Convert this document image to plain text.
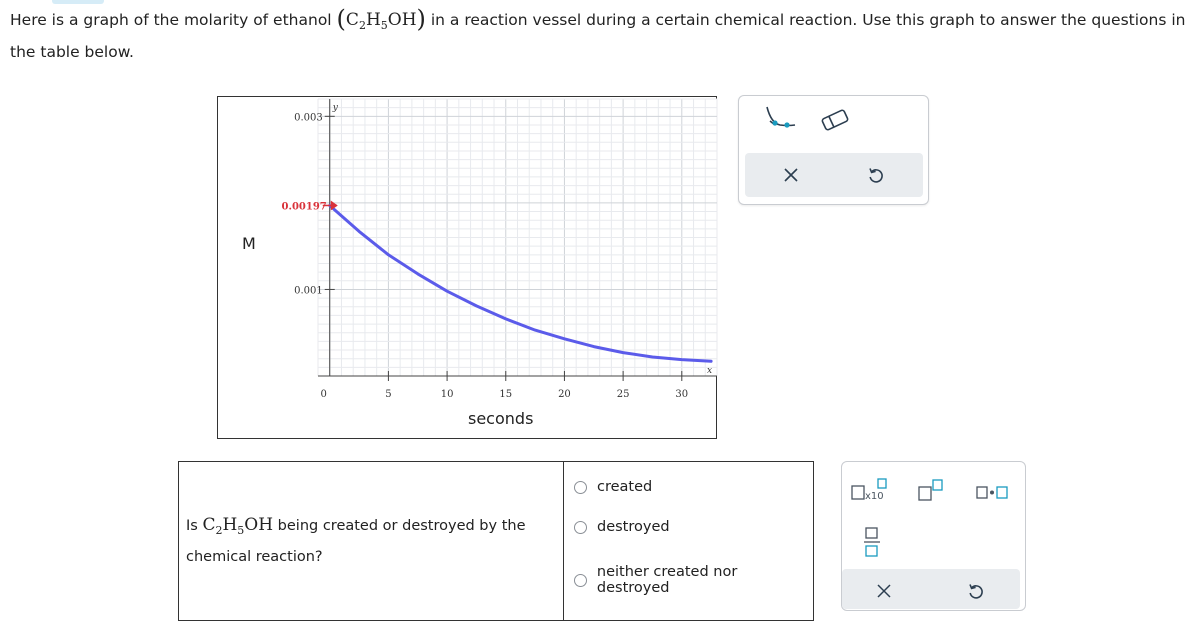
Here is a graph of the molarity of ethanol $(C_2H_5OH)$ in a reaction vessel during a certain chemical reaction. Use this graph to answer the questions in the table below.
y
x
0.003
0.001
0	5	10	15	20	25	30
0.00197
M
seconds
Is $C_2H_5OH$ being created or destroyed by the chemical reaction?
created
destroyed
neither created nor destroyed
x10
